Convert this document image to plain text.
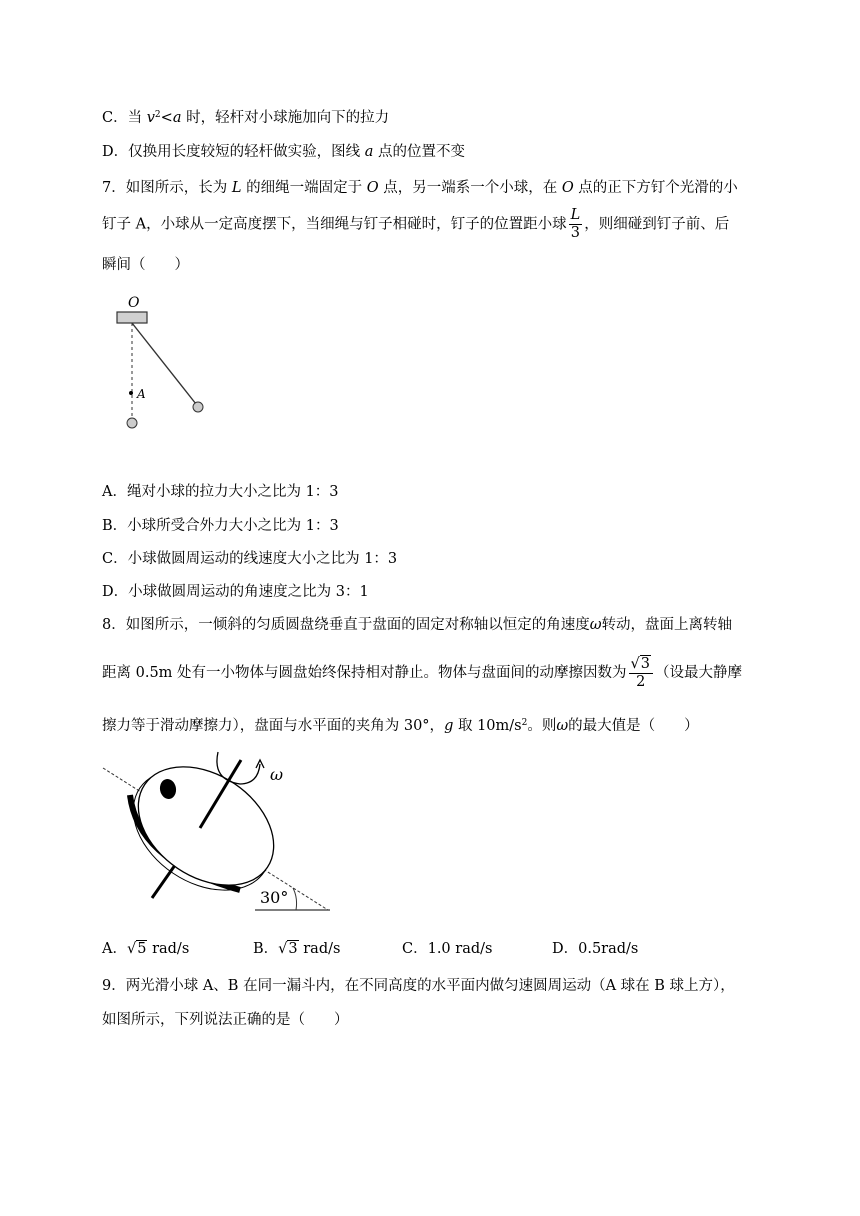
C．当 $v^2<a$ 时，轻杆对小球施加向下的拉力
D．仅换用长度较短的轻杆做实验，图线 a 点的位置不变
7．如图所示，长为 L 的细绳一端固定于 O 点，另一端系一个小球，在 O 点的正下方钉个光滑的小
钉子 A，小球从一定高度摆下，当细绳与钉子相碰时，钉子的位置距小球 $\frac{L}{3}$ ，则细碰到钉子前、后
瞬间（　　）
O
A
A．绳对小球的拉力大小之比为 1：3
B．小球所受合外力大小之比为 1：3
C．小球做圆周运动的线速度大小之比为 1：3
D．小球做圆周运动的角速度之比为 3：1
8．如图所示，一倾斜的匀质圆盘绕垂直于盘面的固定对称轴以恒定的角速度ω转动，盘面上离转轴
距离 0.5m 处有一小物体与圆盘始终保持相对静止。物体与盘面间的动摩擦因数为 $\frac{√3}{2}$ （设最大静摩
擦力等于滑动摩擦力），盘面与水平面的夹角为 30°，g 取 $10m/s^2$。则ω的最大值是（　　）
30°
ω
A．√5 rad/s	B．√3 rad/s	C．1.0 rad/s	D．0.5rad/s
9．两光滑小球 A、B 在同一漏斗内，在不同高度的水平面内做匀速圆周运动（A 球在 B 球上方），
如图所示，下列说法正确的是（　　）
